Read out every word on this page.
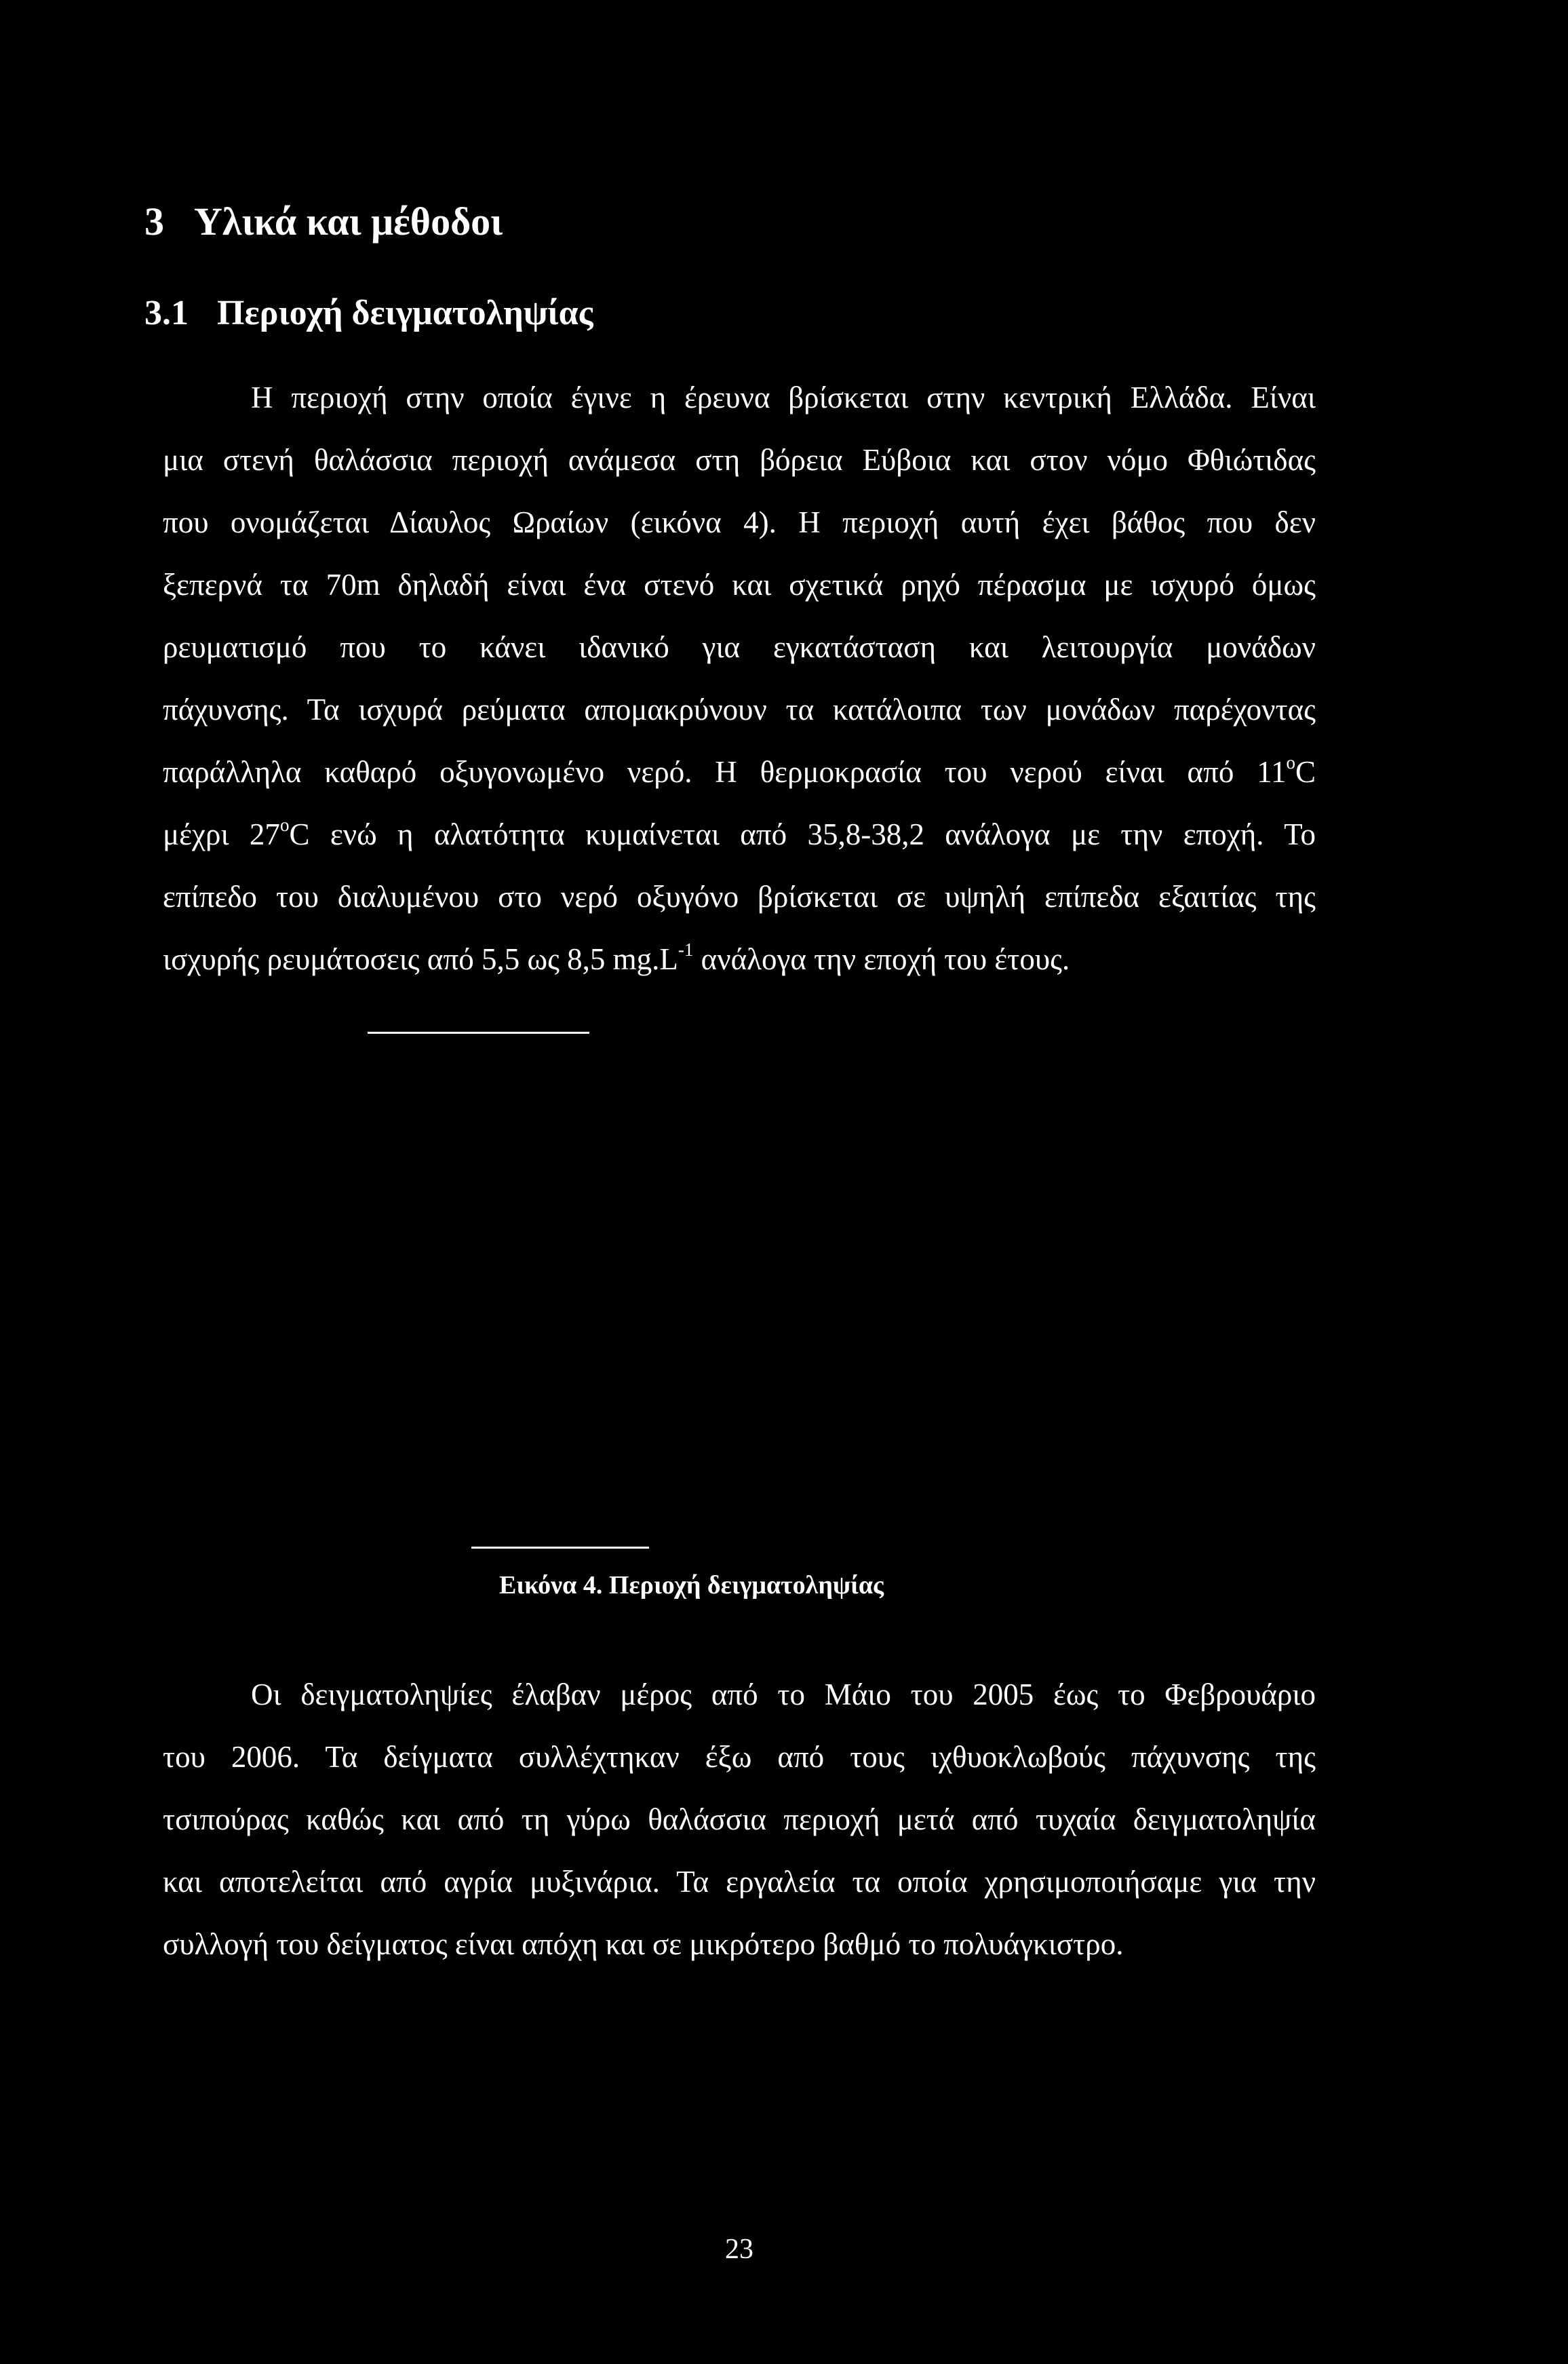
3 Υλικά και μέθοδοι
3.1 Περιοχή δειγματοληψίας
Η περιοχή στην οποία έγινε η έρευνα βρίσκεται στην κεντρική Ελλάδα. Είναι
μια στενή θαλάσσια περιοχή ανάμεσα στη βόρεια Εύβοια και στον νόμο Φθιώτιδας
που ονομάζεται Δίαυλος Ωραίων (εικόνα 4). Η περιοχή αυτή έχει βάθος που δεν
ξεπερνά τα 70m δηλαδή είναι ένα στενό και σχετικά ρηχό πέρασμα με ισχυρό όμως
ρευματισμό που το κάνει ιδανικό για εγκατάσταση και λειτουργία μονάδων
πάχυνσης. Τα ισχυρά ρεύματα απομακρύνουν τα κατάλοιπα των μονάδων παρέχοντας
παράλληλα καθαρό οξυγονωμένο νερό. Η θερμοκρασία του νερού είναι από 11$^o$C
μέχρι 27$^o$C ενώ η αλατότητα κυμαίνεται από 35,8-38,2 ανάλογα με την εποχή. Το
επίπεδο του διαλυμένου στο νερό οξυγόνο βρίσκεται σε υψηλή επίπεδα εξαιτίας της
ισχυρής ρευμάτοσεις από 5,5 ως 8,5 $mg.L^{-1}$ ανάλογα την εποχή του έτους.

Εικόνα 4. Περιοχή δειγματοληψίας

Οι δειγματοληψίες έλαβαν μέρος από το Μάιο του 2005 έως το Φεβρουάριο
του 2006. Τα δείγματα συλλέχτηκαν έξω από τους ιχθυοκλωβούς πάχυνσης της
τσιπούρας καθώς και από τη γύρω θαλάσσια περιοχή μετά από τυχαία δειγματοληψία
και αποτελείται από αγρία μυξινάρια. Τα εργαλεία τα οποία χρησιμοποιήσαμε για την
συλλογή του δείγματος είναι απόχη και σε μικρότερο βαθμό το πολυάγκιστρο.
23
